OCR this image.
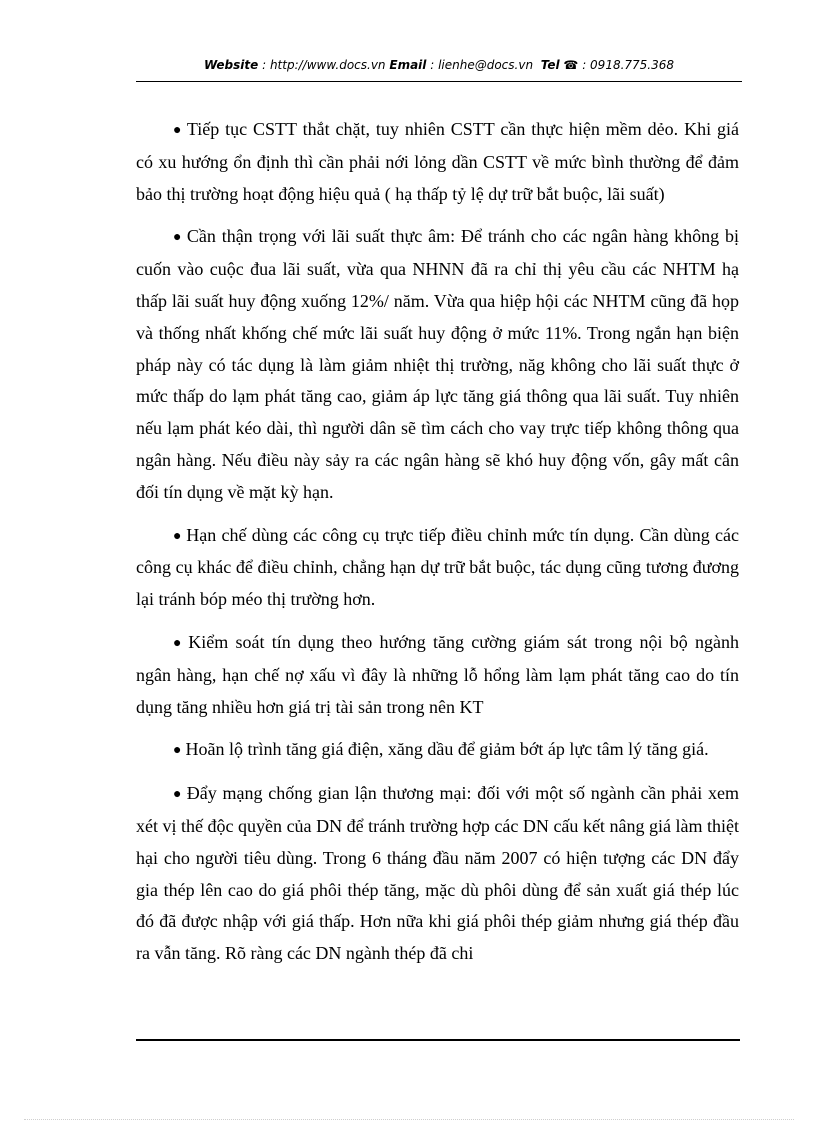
Website : http://www.docs.vn Email : lienhe@docs.vn Tel ☎ : 0918.775.368

● Tiếp tục CSTT thắt chặt, tuy nhiên CSTT cần thực hiện mềm dẻo. Khi giá có xu hướng ổn định thì cần phải nới lỏng dần CSTT về mức bình thường để đảm bảo thị trường hoạt động hiệu quả ( hạ thấp tỷ lệ dự trữ bắt buộc, lãi suất)

● Cần thận trọng với lãi suất thực âm: Để tránh cho các ngân hàng không bị cuốn vào cuộc đua lãi suất, vừa qua NHNN đã ra chỉ thị yêu cầu các NHTM hạ thấp lãi suất huy động xuống 12%/ năm. Vừa qua hiệp hội các NHTM cũng đã họp và thống nhất khống chế mức lãi suất huy động ở mức 11%. Trong ngắn hạn biện pháp này có tác dụng là làm giảm nhiệt thị trường, năg không cho lãi suất thực ở mức thấp do lạm phát tăng cao, giảm áp lực tăng giá thông qua lãi suất. Tuy nhiên nếu lạm phát kéo dài, thì người dân sẽ tìm cách cho vay trực tiếp không thông qua ngân hàng. Nếu điều này sảy ra các ngân hàng sẽ khó huy động vốn, gây mất cân đối tín dụng về mặt kỳ hạn.

● Hạn chế dùng các công cụ trực tiếp điều chỉnh mức tín dụng. Cần dùng các công cụ khác để điều chỉnh, chẳng hạn dự trữ bắt buộc, tác dụng cũng tương đương lại tránh bóp méo thị trường hơn.

● Kiểm soát tín dụng theo hướng tăng cường giám sát trong nội bộ ngành ngân hàng, hạn chế nợ xấu vì đây là những lỗ hổng làm lạm phát tăng cao do tín dụng tăng nhiều hơn giá trị tài sản trong nên KT

● Hoãn lộ trình tăng giá điện, xăng dầu để giảm bớt áp lực tâm lý tăng giá.

● Đẩy mạng chống gian lận thương mại: đối với một số ngành cần phải xem xét vị thế độc quyền của DN để tránh trường hợp các DN cấu kết nâng giá làm thiệt hại cho người tiêu dùng. Trong 6 tháng đầu năm 2007 có hiện tượng các DN đẩy gia thép lên cao do giá phôi thép tăng, mặc dù phôi dùng để sản xuất giá thép lúc đó đã được nhập với giá thấp. Hơn nữa khi giá phôi thép giảm nhưng giá thép đầu ra vẫn tăng. Rõ ràng các DN ngành thép đã chi
